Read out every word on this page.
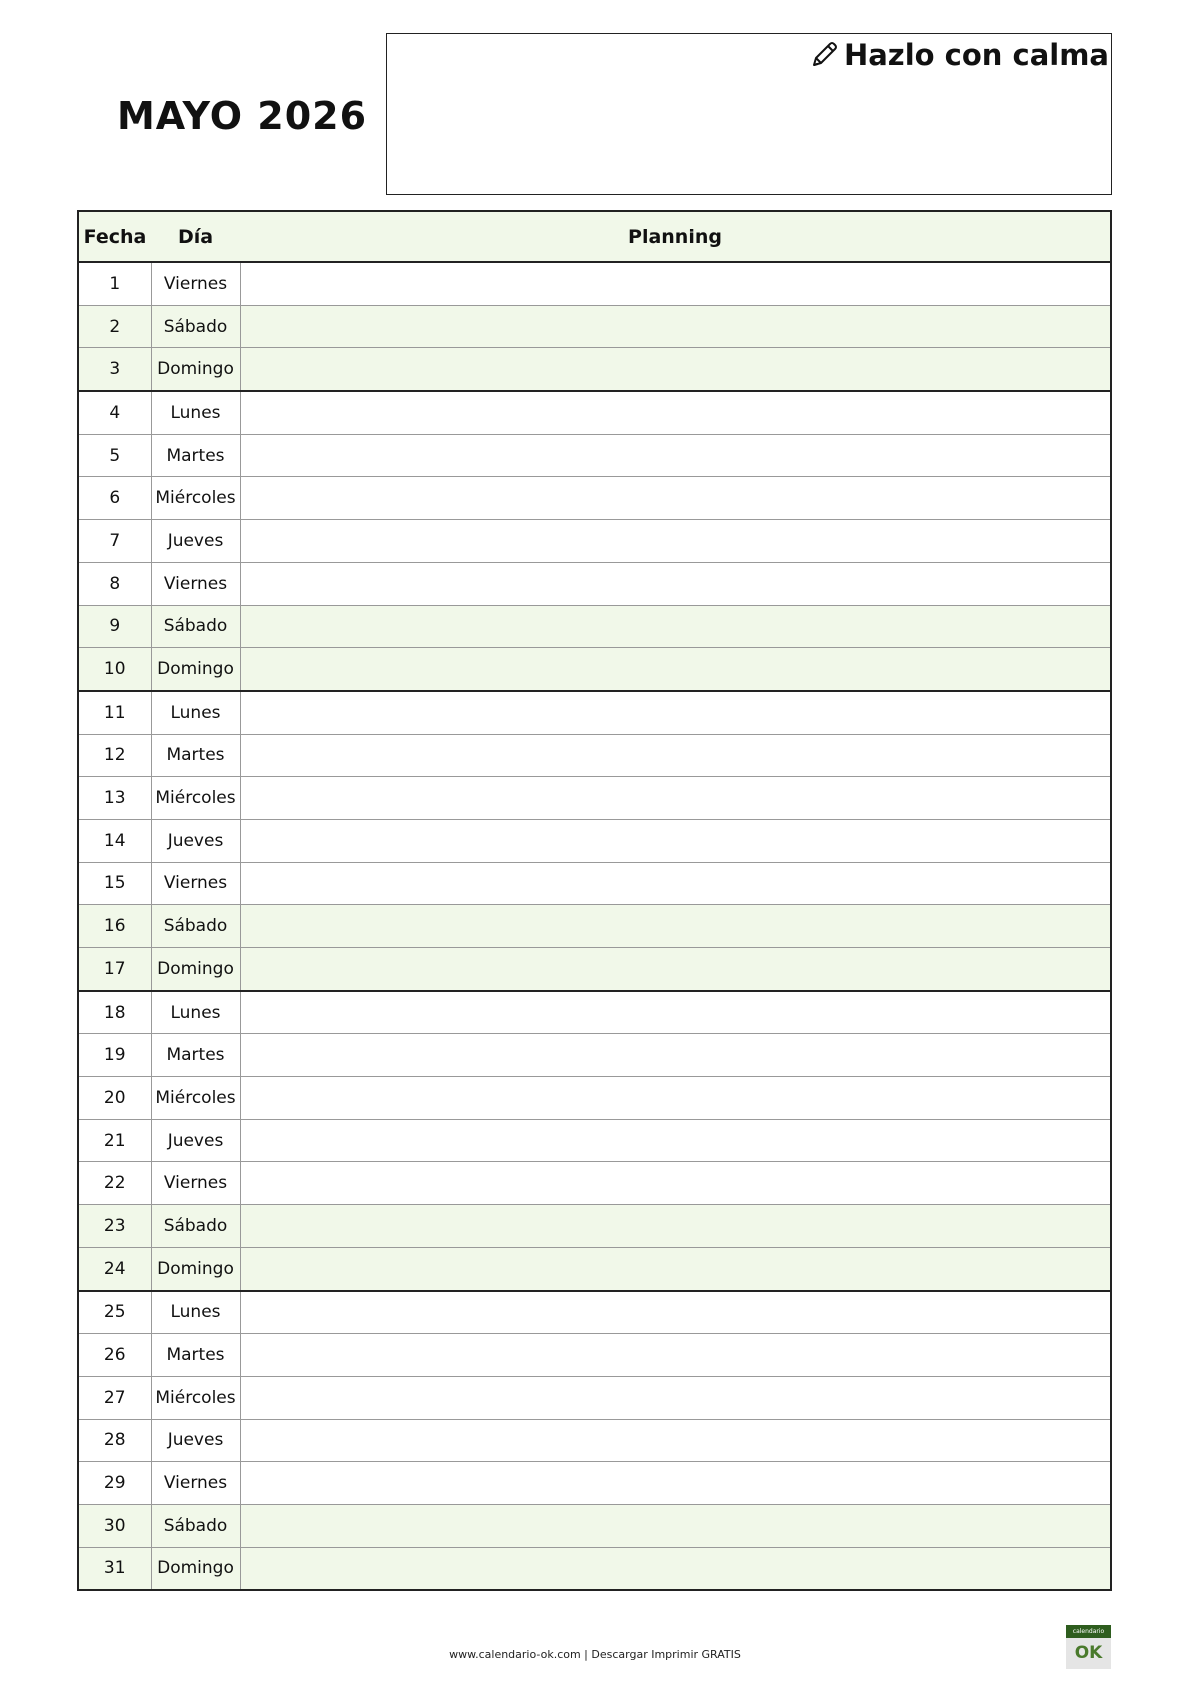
MAYO 2026
Hazlo con calma
Fecha	Día	Planning
1	Viernes	
2	Sábado	
3	Domingo	
4	Lunes	
5	Martes	
6	Miércoles	
7	Jueves	
8	Viernes	
9	Sábado	
10	Domingo	
11	Lunes	
12	Martes	
13	Miércoles	
14	Jueves	
15	Viernes	
16	Sábado	
17	Domingo	
18	Lunes	
19	Martes	
20	Miércoles	
21	Jueves	
22	Viernes	
23	Sábado	
24	Domingo	
25	Lunes	
26	Martes	
27	Miércoles	
28	Jueves	
29	Viernes	
30	Sábado	
31	Domingo	
www.calendario-ok.com | Descargar Imprimir GRATIS
calendario
OK
